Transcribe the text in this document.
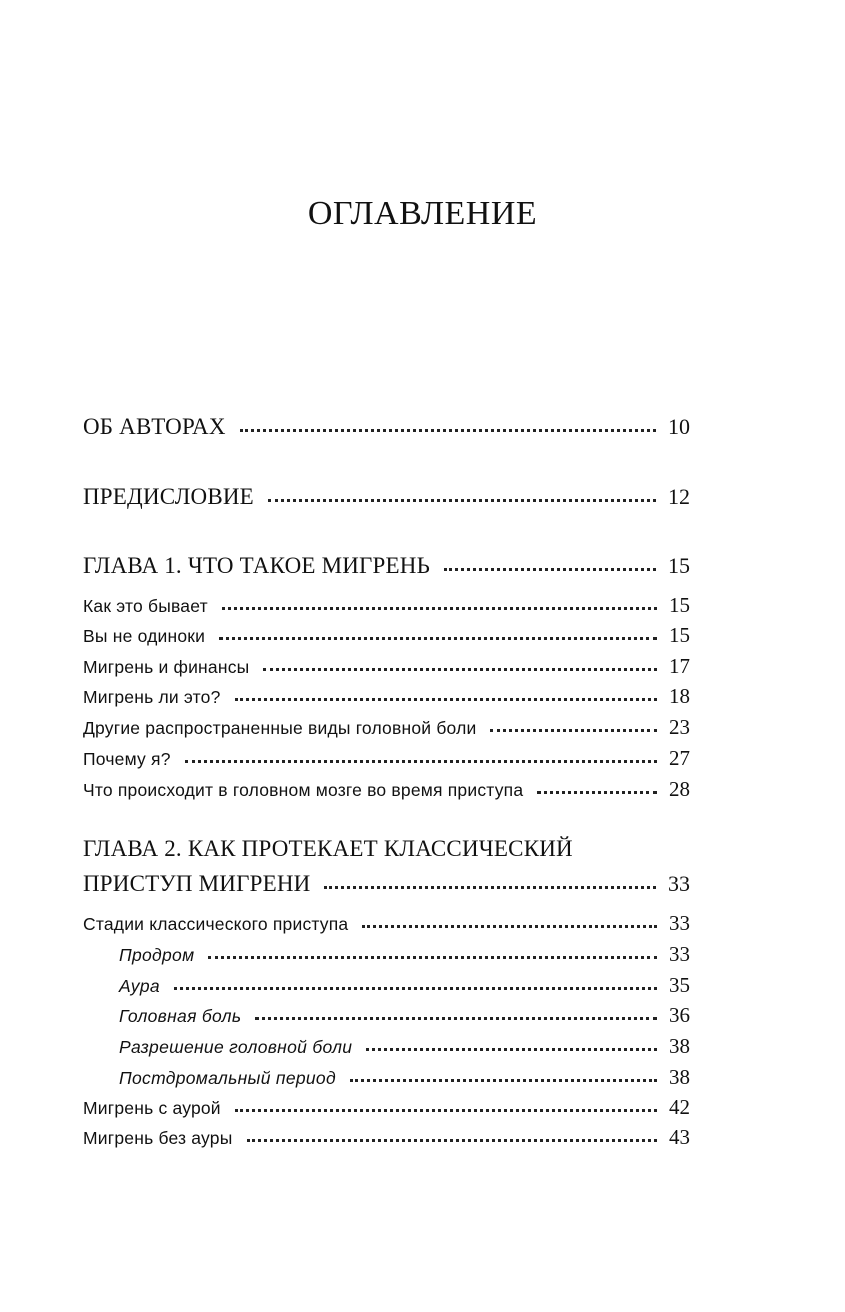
ОГЛАВЛЕНИЕ
ОБ АВТОРАХ	10
ПРЕДИСЛОВИЕ	12
ГЛАВА 1. ЧТО ТАКОЕ МИГРЕНЬ	15
Как это бывает	15
Вы не одиноки	15
Мигрень и финансы	17
Мигрень ли это?	18
Другие распространенные виды головной боли	23
Почему я?	27
Что происходит в головном мозге во время приступа	28
ГЛАВА 2. КАК ПРОТЕКАЕТ КЛАССИЧЕСКИЙ
ПРИСТУП МИГРЕНИ	33
Стадии классического приступа	33
Продром	33
Аура	35
Головная боль	36
Разрешение головной боли	38
Постдромальный период	38
Мигрень с аурой	42
Мигрень без ауры	43
